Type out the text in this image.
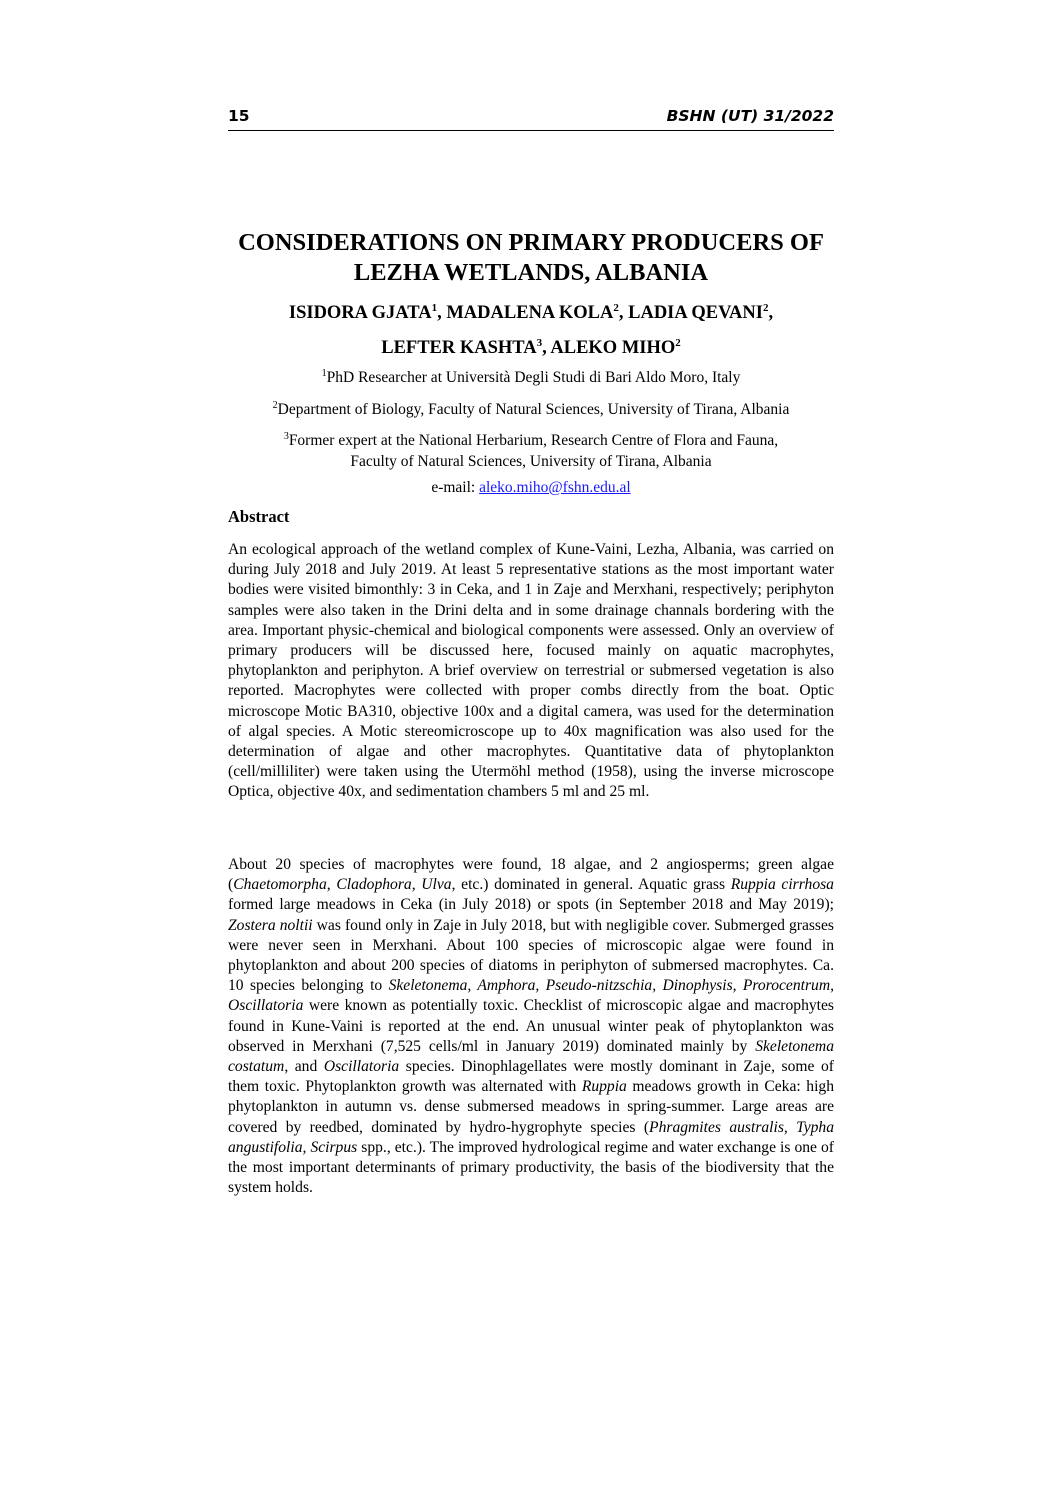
15	BSHN (UT) 31/2022
CONSIDERATIONS ON PRIMARY PRODUCERS OF
LEZHA WETLANDS, ALBANIA
ISIDORA GJATA$^1$, MADALENA KOLA$^2$, LADIA QEVANI$^2$,
LEFTER KASHTA$^3$, ALEKO MIHO$^2$
$^1$PhD Researcher at Università Degli Studi di Bari Aldo Moro, Italy
$^2$Department of Biology, Faculty of Natural Sciences, University of Tirana, Albania
$^3$Former expert at the National Herbarium, Research Centre of Flora and Fauna,
Faculty of Natural Sciences, University of Tirana, Albania
e-mail: aleko.miho@fshn.edu.al
Abstract

An ecological approach of the wetland complex of Kune-Vaini, Lezha, Albania, was carried on during July 2018 and July 2019. At least 5 representative stations as the most important water bodies were visited bimonthly: 3 in Ceka, and 1 in Zaje and Merxhani, respectively; periphyton samples were also taken in the Drini delta and in some drainage channals bordering with the area. Important physic-chemical and biological components were assessed. Only an overview of primary producers will be discussed here, focused mainly on aquatic macrophytes, phytoplankton and periphyton. A brief overview on terrestrial or submersed vegetation is also reported. Macrophytes were collected with proper combs directly from the boat. Optic microscope Motic BA310, objective 100x and a digital camera, was used for the determination of algal species. A Motic stereomicroscope up to 40x magnification was also used for the determination of algae and other macrophytes. Quantitative data of phytoplankton (cell/milliliter) were taken using the Utermöhl method (1958), using the inverse microscope Optica, objective 40x, and sedimentation chambers 5 ml and 25 ml.

About 20 species of macrophytes were found, 18 algae, and 2 angiosperms; green algae (Chaetomorpha, Cladophora, Ulva, etc.) dominated in general. Aquatic grass Ruppia cirrhosa formed large meadows in Ceka (in July 2018) or spots (in September 2018 and May 2019); Zostera noltii was found only in Zaje in July 2018, but with negligible cover. Submerged grasses were never seen in Merxhani. About 100 species of microscopic algae were found in phytoplankton and about 200 species of diatoms in periphyton of submersed macrophytes. Ca. 10 species belonging to Skeletonema, Amphora, Pseudo-nitzschia, Dinophysis, Prorocentrum, Oscillatoria were known as potentially toxic. Checklist of microscopic algae and macrophytes found in Kune-Vaini is reported at the end. An unusual winter peak of phytoplankton was observed in Merxhani (7,525 cells/ml in January 2019) dominated mainly by Skeletonema costatum, and Oscillatoria species. Dinophlagellates were mostly dominant in Zaje, some of them toxic. Phytoplankton growth was alternated with Ruppia meadows growth in Ceka: high phytoplankton in autumn vs. dense submersed meadows in spring-summer. Large areas are covered by reedbed, dominated by hydro-hygrophyte species (Phragmites australis, Typha angustifolia, Scirpus spp., etc.). The improved hydrological regime and water exchange is one of the most important determinants of primary productivity, the basis of the biodiversity that the system holds.
